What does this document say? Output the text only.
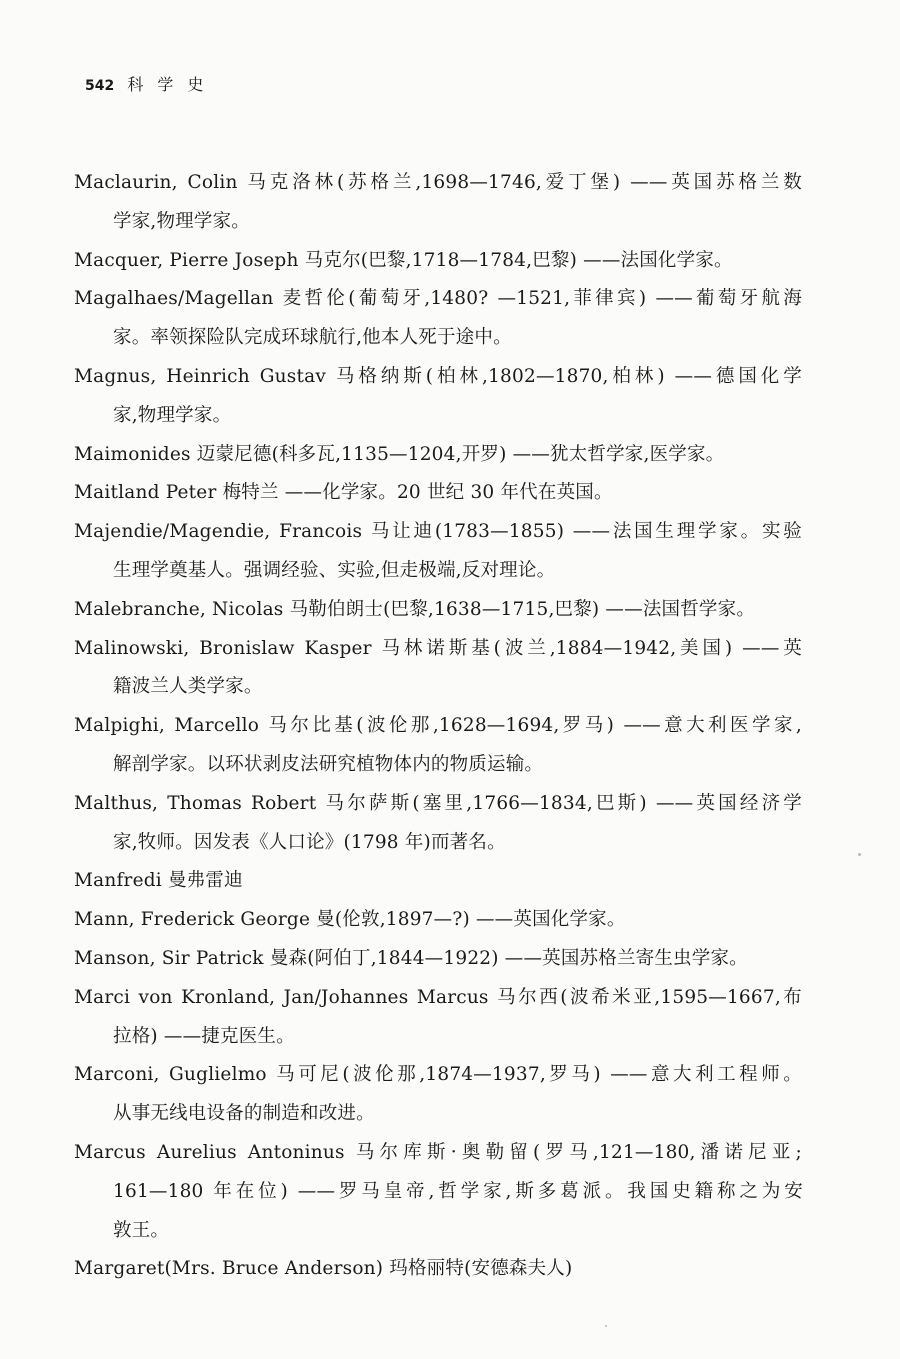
542 科学史
Maclaurin, Colin 马克洛林(苏格兰,1698—1746,爱丁堡) ——英国苏格兰数
学家,物理学家。
Macquer, Pierre Joseph 马克尔(巴黎,1718—1784,巴黎) ——法国化学家。
Magalhaes/Magellan 麦哲伦(葡萄牙,1480? —1521,菲律宾) ——葡萄牙航海
家。率领探险队完成环球航行,他本人死于途中。
Magnus, Heinrich Gustav 马格纳斯(柏林,1802—1870,柏林) ——德国化学
家,物理学家。
Maimonides 迈蒙尼德(科多瓦,1135—1204,开罗) ——犹太哲学家,医学家。
Maitland Peter 梅特兰 ——化学家。20 世纪 30 年代在英国。
Majendie/Magendie, Francois 马让迪(1783—1855) ——法国生理学家。实验
生理学奠基人。强调经验、实验,但走极端,反对理论。
Malebranche, Nicolas 马勒伯朗士(巴黎,1638—1715,巴黎) ——法国哲学家。
Malinowski, Bronislaw Kasper 马林诺斯基(波兰,1884—1942,美国) ——英
籍波兰人类学家。
Malpighi, Marcello 马尔比基(波伦那,1628—1694,罗马) ——意大利医学家,
解剖学家。以环状剥皮法研究植物体内的物质运输。
Malthus, Thomas Robert 马尔萨斯(塞里,1766—1834,巴斯) ——英国经济学
家,牧师。因发表《人口论》(1798 年)而著名。
Manfredi 曼弗雷迪
Mann, Frederick George 曼(伦敦,1897—?) ——英国化学家。
Manson, Sir Patrick 曼森(阿伯丁,1844—1922) ——英国苏格兰寄生虫学家。
Marci von Kronland, Jan/Johannes Marcus 马尔西(波希米亚,1595—1667,布
拉格) ——捷克医生。
Marconi, Guglielmo 马可尼(波伦那,1874—1937,罗马) ——意大利工程师。
从事无线电设备的制造和改进。
Marcus Aurelius Antoninus 马尔库斯·奥勒留(罗马,121—180,潘诺尼亚;
161—180 年在位) ——罗马皇帝,哲学家,斯多葛派。我国史籍称之为安
敦王。
Margaret(Mrs. Bruce Anderson) 玛格丽特(安德森夫人)
